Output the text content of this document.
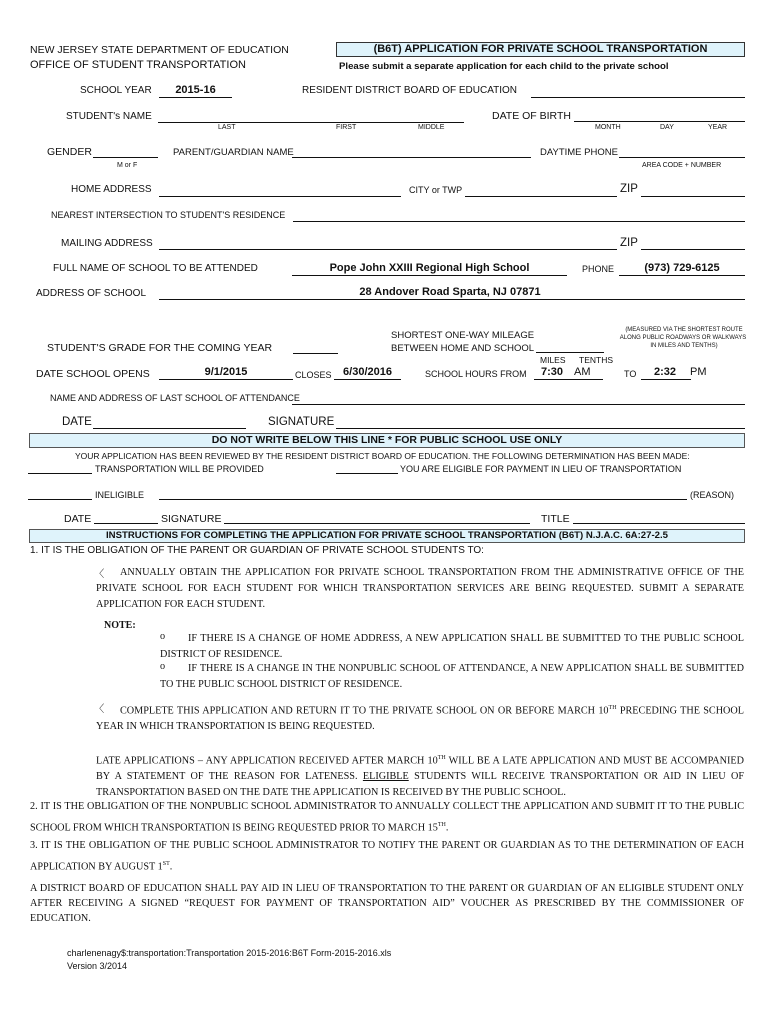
NEW JERSEY STATE DEPARTMENT OF EDUCATION
OFFICE OF STUDENT TRANSPORTATION
(B6T) APPLICATION FOR PRIVATE SCHOOL TRANSPORTATION
Please submit a separate application for each child to the private school
SCHOOL YEAR	2015-16	RESIDENT DISTRICT BOARD OF EDUCATION
STUDENT's NAME
LAST	FIRST	MIDDLE
DATE OF BIRTH
MONTH	DAY	YEAR
GENDER
M or F
PARENT/GUARDIAN NAME	DAYTIME PHONE
AREA CODE + NUMBER
HOME ADDRESS	CITY or TWP	ZIP
NEAREST INTERSECTION TO STUDENT'S RESIDENCE
MAILING ADDRESS	ZIP
FULL NAME OF SCHOOL TO BE ATTENDED	Pope John XXIII Regional High School	PHONE	(973) 729-6125
ADDRESS OF SCHOOL	28 Andover Road Sparta, NJ 07871
SHORTEST ONE-WAY MILEAGE
BETWEEN HOME AND SCHOOL
(MEASURED VIA THE SHORTEST ROUTE
ALONG PUBLIC ROADWAYS OR WALKWAYS
IN MILES AND TENTHS)
MILES TENTHS
STUDENT'S GRADE FOR THE COMING YEAR
DATE SCHOOL OPENS	9/1/2015	CLOSES	6/30/2016	SCHOOL HOURS FROM	7:30 AM	TO	2:32	PM
NAME AND ADDRESS OF LAST SCHOOL OF ATTENDANCE
DATE	SIGNATURE
DO NOT WRITE BELOW THIS LINE * FOR PUBLIC SCHOOL USE ONLY
YOUR APPLICATION HAS BEEN REVIEWED BY THE RESIDENT DISTRICT BOARD OF EDUCATION. THE FOLLOWING DETERMINATION HAS BEEN MADE:
TRANSPORTATION WILL BE PROVIDED	YOU ARE ELIGIBLE FOR PAYMENT IN LIEU OF TRANSPORTATION
INELIGIBLE	(REASON)
DATE	SIGNATURE	TITLE
INSTRUCTIONS FOR COMPLETING THE APPLICATION FOR PRIVATE SCHOOL TRANSPORTATION (B6T) N.J.A.C. 6A:27-2.5
1. IT IS THE OBLIGATION OF THE PARENT OR GUARDIAN OF PRIVATE SCHOOL STUDENTS TO:
〈	ANNUALLY OBTAIN THE APPLICATION FOR PRIVATE SCHOOL TRANSPORTATION FROM THE ADMINISTRATIVE OFFICE OF THE PRIVATE SCHOOL FOR EACH STUDENT FOR WHICH TRANSPORTATION SERVICES ARE BEING REQUESTED. SUBMIT A SEPARATE APPLICATION FOR EACH STUDENT.
NOTE:
o	IF THERE IS A CHANGE OF HOME ADDRESS, A NEW APPLICATION SHALL BE SUBMITTED TO THE PUBLIC SCHOOL DISTRICT OF RESIDENCE.
o	IF THERE IS A CHANGE IN THE NONPUBLIC SCHOOL OF ATTENDANCE, A NEW APPLICATION SHALL BE SUBMITTED TO THE PUBLIC SCHOOL DISTRICT OF RESIDENCE.
〈	COMPLETE THIS APPLICATION AND RETURN IT TO THE PRIVATE SCHOOL ON OR BEFORE MARCH 10TH PRECEDING THE SCHOOL YEAR IN WHICH TRANSPORTATION IS BEING REQUESTED.
LATE APPLICATIONS – ANY APPLICATION RECEIVED AFTER MARCH 10TH WILL BE A LATE APPLICATION AND MUST BE ACCOMPANIED BY A STATEMENT OF THE REASON FOR LATENESS. ELIGIBLE STUDENTS WILL RECEIVE TRANSPORTATION OR AID IN LIEU OF TRANSPORTATION BASED ON THE DATE THE APPLICATION IS RECEIVED BY THE PUBLIC SCHOOL.
2. IT IS THE OBLIGATION OF THE NONPUBLIC SCHOOL ADMINISTRATOR TO ANNUALLY COLLECT THE APPLICATION AND SUBMIT IT TO THE PUBLIC SCHOOL FROM WHICH TRANSPORTATION IS BEING REQUESTED PRIOR TO MARCH 15TH.
3. IT IS THE OBLIGATION OF THE PUBLIC SCHOOL ADMINISTRATOR TO NOTIFY THE PARENT OR GUARDIAN AS TO THE DETERMINATION OF EACH APPLICATION BY AUGUST 1ST.
A DISTRICT BOARD OF EDUCATION SHALL PAY AID IN LIEU OF TRANSPORTATION TO THE PARENT OR GUARDIAN OF AN ELIGIBLE STUDENT ONLY AFTER RECEIVING A SIGNED “REQUEST FOR PAYMENT OF TRANSPORTATION AID” VOUCHER AS PRESCRIBED BY THE COMMISSIONER OF EDUCATION.
charlenenagy$:transportation:Transportation 2015-2016:B6T Form-2015-2016.xls
Version 3/2014
